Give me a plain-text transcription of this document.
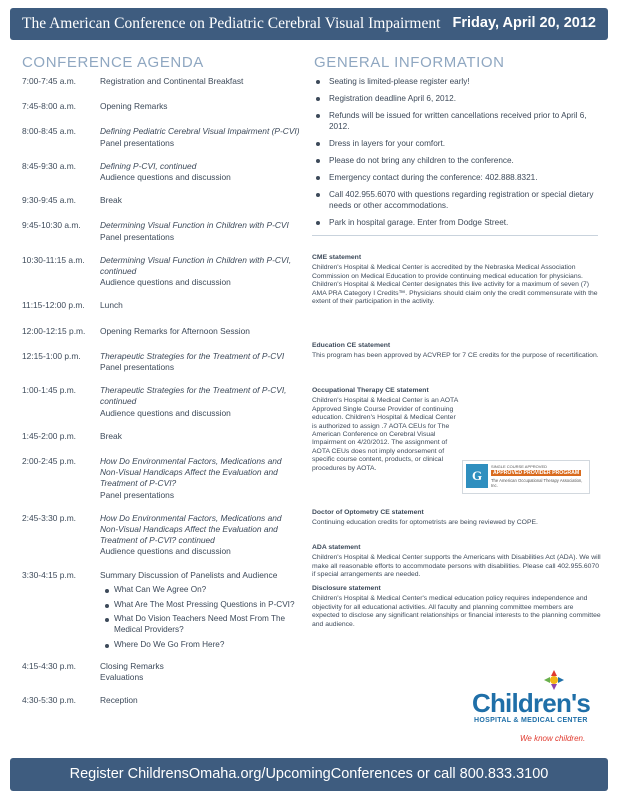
The American Conference on Pediatric Cerebral Visual Impairment Friday, April 20, 2012
CONFERENCE AGENDA	GENERAL INFORMATION
7:00-7:45 a.m.	Registration and Continental Breakfast
7:45-8:00 a.m.	Opening Remarks
8:00-8:45 a.m.	Defining Pediatric Cerebral Visual Impairment (P-CVI)
Panel presentations
8:45-9:30 a.m.	Defining P-CVI, continued
Audience questions and discussion
9:30-9:45 a.m.	Break
9:45-10:30 a.m.	Determining Visual Function in Children with P-CVI
Panel presentations
10:30-11:15 a.m.	Determining Visual Function in Children with P-CVI, continued
Audience questions and discussion
11:15-12:00 p.m.	Lunch
12:00-12:15 p.m.	Opening Remarks for Afternoon Session
12:15-1:00 p.m.	Therapeutic Strategies for the Treatment of P-CVI
Panel presentations
1:00-1:45 p.m.	Therapeutic Strategies for the Treatment of P-CVI, continued
Audience questions and discussion
1:45-2:00 p.m.	Break
2:00-2:45 p.m.	How Do Environmental Factors, Medications and Non-Visual Handicaps Affect the Evaluation and Treatment of P-CVI?
Panel presentations
2:45-3:30 p.m.	How Do Environmental Factors, Medications and Non-Visual Handicaps Affect the Evaluation and Treatment of P-CVI? continued
Audience questions and discussion
3:30-4:15 p.m.	Summary Discussion of Panelists and Audience
What Can We Agree On?
What Are The Most Pressing Questions in P-CVI?
What Do Vision Teachers Need Most From The Medical Providers?
Where Do We Go From Here?
4:15-4:30 p.m.	Closing Remarks
Evaluations
4:30-5:30 p.m.	Reception
Seating is limited-please register early!
Registration deadline April 6, 2012.
Refunds will be issued for written cancellations received prior to April 6, 2012.
Dress in layers for your comfort.
Please do not bring any children to the conference.
Emergency contact during the conference: 402.888.8321.
Call 402.955.6070 with questions regarding registration or special dietary needs or other accommodations.
Park in hospital garage. Enter from Dodge Street.
CME statement
Children's Hospital & Medical Center is accredited by the Nebraska Medical Association Commission on Medical Education to provide continuing medical education for physicians. Children's Hospital & Medical Center designates this live activity for a maximum of seven (7) AMA PRA Category I Credits™. Physicians should claim only the credit commensurate with the extent of their participation in the activity.
Education CE statement
This program has been approved by ACVREP for 7 CE credits for the purpose of recertification.
Occupational Therapy CE statement
Children's Hospital & Medical Center is an AOTA Approved Single Course Provider of continuing education. Children's Hospital & Medical Center is authorized to assign .7 AOTA CEUs for The American Conference on Cerebral Visual Impairment on 4/20/2012. The assignment of AOTA CEUs does not imply endorsement of specific course content, products, or clinical procedures by AOTA.	G
SINGLE COURSE APPROVED
APPROVED PROVIDER PROGRAM
The American Occupational Therapy Association, Inc.
Doctor of Optometry CE statement
Continuing education credits for optometrists are being reviewed by COPE.
ADA statement
Children's Hospital & Medical Center supports the Americans with Disabilities Act (ADA). We will make all reasonable efforts to accommodate persons with disabilities. Please call 402.955.6070 if special arrangements are needed.
Disclosure statement
Children's Hospital & Medical Center's medical education policy requires independence and objectivity for all educational activities. All faculty and planning committee members are expected to disclose any significant relationships or financial interests to the planning committee and audience.
Children's
HOSPITAL & MEDICAL CENTER
We know children.
Register ChildrensOmaha.org/UpcomingConferences or call 800.833.3100
